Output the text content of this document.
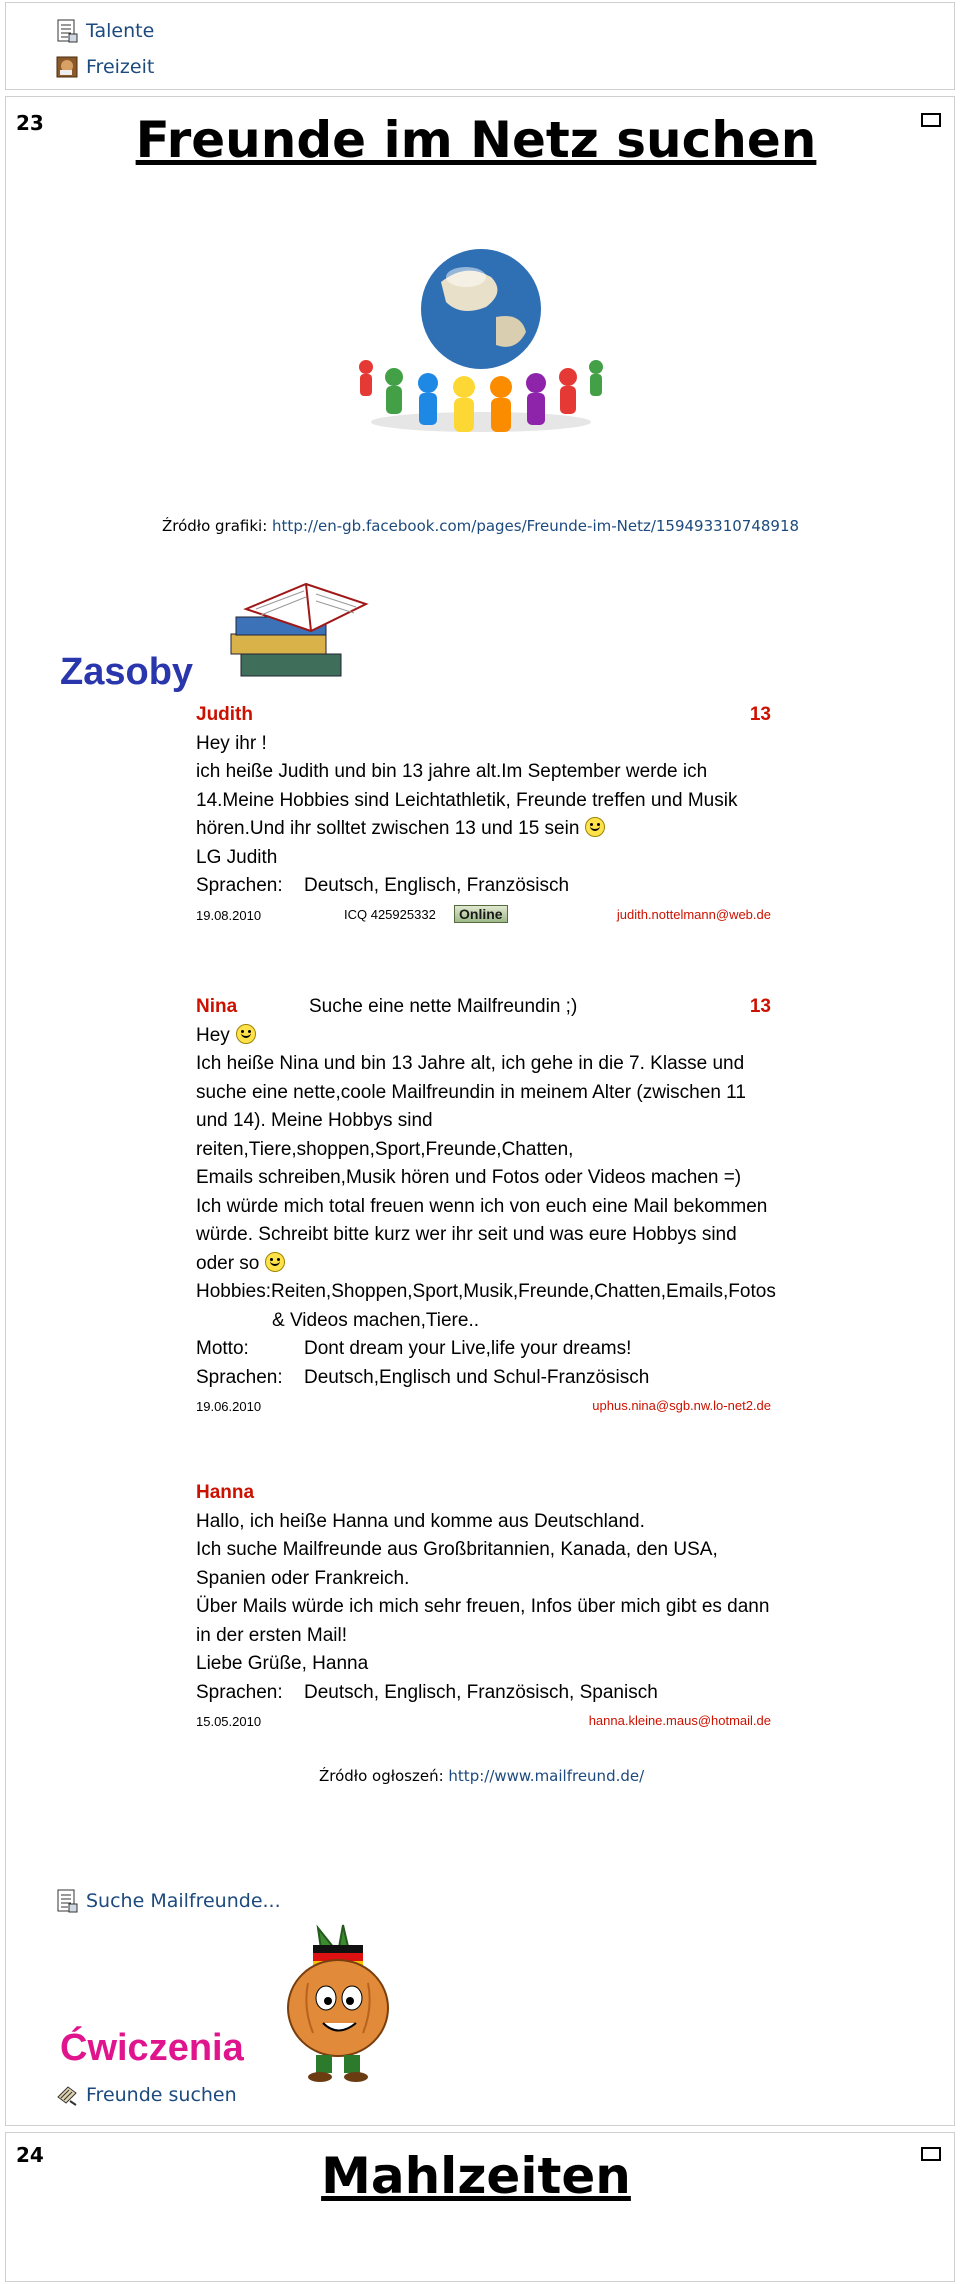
Talente
Freizeit
23	Freunde im Netz suchen
Źródło grafiki: http://en-gb.facebook.com/pages/Freunde-im-Netz/159493310748918
Zasoby
Judith	13
Hey ihr !
ich heiße Judith und bin 13 jahre alt.Im September werde ich
14.Meine Hobbies sind Leichtathletik, Freunde treffen und Musik
hören.Und ihr solltet zwischen 13 und 15 sein
LG Judith
Sprachen: Deutsch, Englisch, Französisch
19.08.2010	ICQ 425925332	Online	judith.nottelmann@web.de
Nina	Suche eine nette Mailfreundin ;)	13
Hey
Ich heiße Nina und bin 13 Jahre alt, ich gehe in die 7. Klasse und
suche eine nette,coole Mailfreundin in meinem Alter (zwischen 11
und 14). Meine Hobbys sind
reiten,Tiere,shoppen,Sport,Freunde,Chatten,
Emails schreiben,Musik hören und Fotos oder Videos machen =)
Ich würde mich total freuen wenn ich von euch eine Mail bekommen
würde. Schreibt bitte kurz wer ihr seit und was eure Hobbys sind
oder so
Hobbies:Reiten,Shoppen,Sport,Musik,Freunde,Chatten,Emails,Fotos
& Videos machen,Tiere..
Motto:	Dont dream your Live,life your dreams!
Sprachen: Deutsch,Englisch und Schul-Französisch
19.06.2010	uphus.nina@sgb.nw.lo-net2.de
Hanna
Hallo, ich heiße Hanna und komme aus Deutschland.
Ich suche Mailfreunde aus Großbritannien, Kanada, den USA,
Spanien oder Frankreich.
Über Mails würde ich mich sehr freuen, Infos über mich gibt es dann
in der ersten Mail!
Liebe Grüße, Hanna
Sprachen: Deutsch, Englisch, Französisch, Spanisch
15.05.2010	hanna.kleine.maus@hotmail.de
Źródło ogłoszeń: http://www.mailfreund.de/
Suche Mailfreunde...
Ćwiczenia
Freunde suchen
24	Mahlzeiten
